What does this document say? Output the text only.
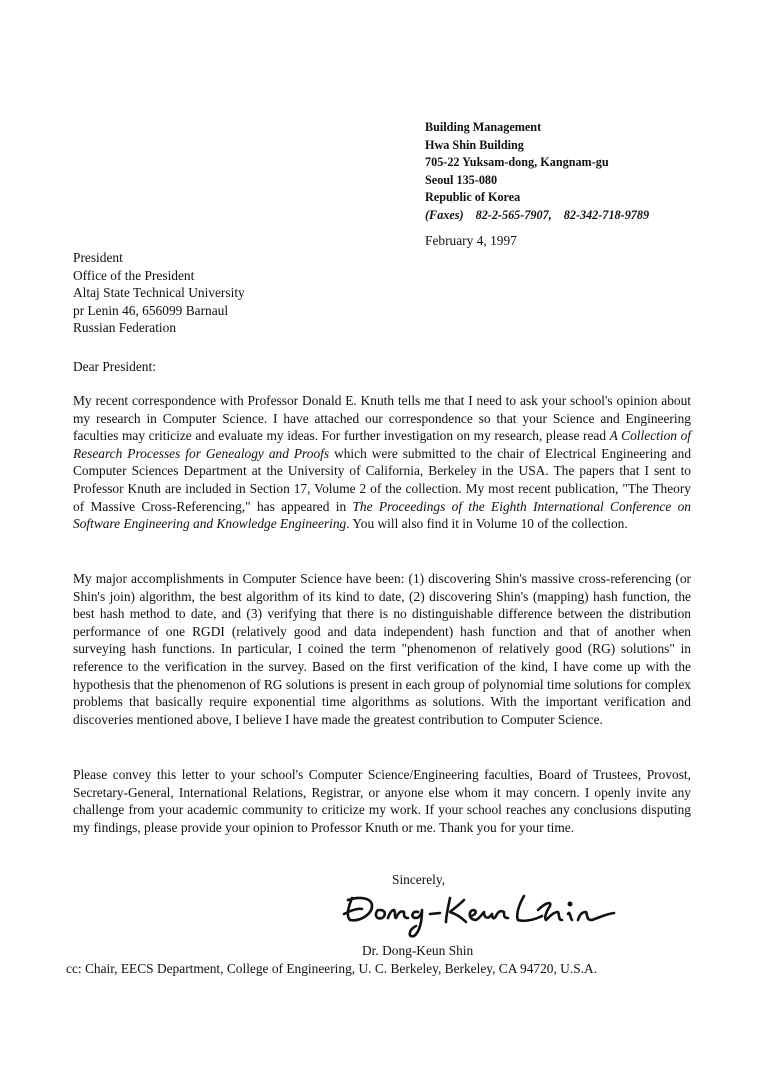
Building Management
Hwa Shin Building
705-22 Yuksam-dong, Kangnam-gu
Seoul 135-080
Republic of Korea
(Faxes) 82-2-565-7907, 82-342-718-9789
February 4, 1997
President
Office of the President
Altaj State Technical University
pr Lenin 46, 656099 Barnaul
Russian Federation
Dear President:
My recent correspondence with Professor Donald E. Knuth tells me that I need to ask your school's opinion about my research in Computer Science. I have attached our correspondence so that your Science and Engineering faculties may criticize and evaluate my ideas. For further investigation on my research, please read A Collection of Research Processes for Genealogy and Proofs which were submitted to the chair of Electrical Engineering and Computer Sciences Department at the University of California, Berkeley in the USA. The papers that I sent to Professor Knuth are included in Section 17, Volume 2 of the collection. My most recent publication, "The Theory of Massive Cross-Referencing," has appeared in The Proceedings of the Eighth International Conference on Software Engineering and Knowledge Engineering. You will also find it in Volume 10 of the collection.
My major accomplishments in Computer Science have been: (1) discovering Shin's massive cross-referencing (or Shin's join) algorithm, the best algorithm of its kind to date, (2) discovering Shin's (mapping) hash function, the best hash method to date, and (3) verifying that there is no distinguishable difference between the distribution performance of one RGDI (relatively good and data independent) hash function and that of another when surveying hash functions. In particular, I coined the term "phenomenon of relatively good (RG) solutions" in reference to the verification in the survey. Based on the first verification of the kind, I have come up with the hypothesis that the phenomenon of RG solutions is present in each group of polynomial time solutions for complex problems that basically require exponential time algorithms as solutions. With the important verification and discoveries mentioned above, I believe I have made the greatest contribution to Computer Science.
Please convey this letter to your school's Computer Science/Engineering faculties, Board of Trustees, Provost, Secretary-General, International Relations, Registrar, or anyone else whom it may concern. I openly invite any challenge from your academic community to criticize my work. If your school reaches any conclusions disputing my findings, please provide your opinion to Professor Knuth or me. Thank you for your time.
Sincerely,
Dr. Dong-Keun Shin
cc: Chair, EECS Department, College of Engineering, U. C. Berkeley, Berkeley, CA 94720, U.S.A.
